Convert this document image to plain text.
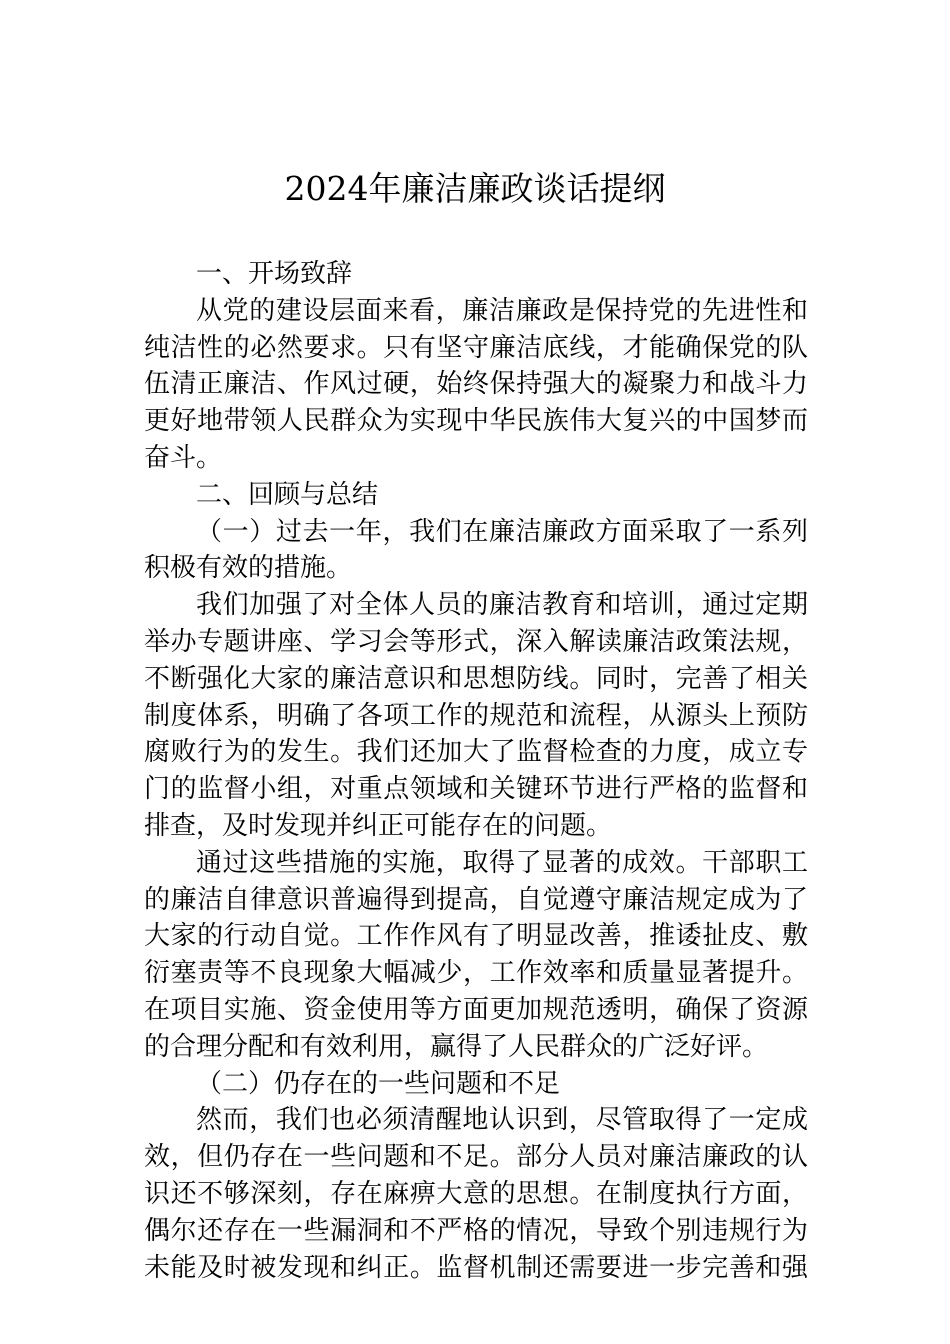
2024年廉洁廉政谈话提纲
一、开场致辞
从党的建设层面来看，廉洁廉政是保持党的先进性和
纯洁性的必然要求。只有坚守廉洁底线，才能确保党的队
伍清正廉洁、作风过硬，始终保持强大的凝聚力和战斗力
更好地带领人民群众为实现中华民族伟大复兴的中国梦而
奋斗。
二、回顾与总结
（一）过去一年，我们在廉洁廉政方面采取了一系列
积极有效的措施。
我们加强了对全体人员的廉洁教育和培训，通过定期
举办专题讲座、学习会等形式，深入解读廉洁政策法规，
不断强化大家的廉洁意识和思想防线。同时，完善了相关
制度体系，明确了各项工作的规范和流程，从源头上预防
腐败行为的发生。我们还加大了监督检查的力度，成立专
门的监督小组，对重点领域和关键环节进行严格的监督和
排查，及时发现并纠正可能存在的问题。
通过这些措施的实施，取得了显著的成效。干部职工
的廉洁自律意识普遍得到提高，自觉遵守廉洁规定成为了
大家的行动自觉。工作作风有了明显改善，推诿扯皮、敷
衍塞责等不良现象大幅减少，工作效率和质量显著提升。
在项目实施、资金使用等方面更加规范透明，确保了资源
的合理分配和有效利用，赢得了人民群众的广泛好评。
（二）仍存在的一些问题和不足
然而，我们也必须清醒地认识到，尽管取得了一定成
效，但仍存在一些问题和不足。部分人员对廉洁廉政的认
识还不够深刻，存在麻痹大意的思想。在制度执行方面，
偶尔还存在一些漏洞和不严格的情况，导致个别违规行为
未能及时被发现和纠正。监督机制还需要进一步完善和强
